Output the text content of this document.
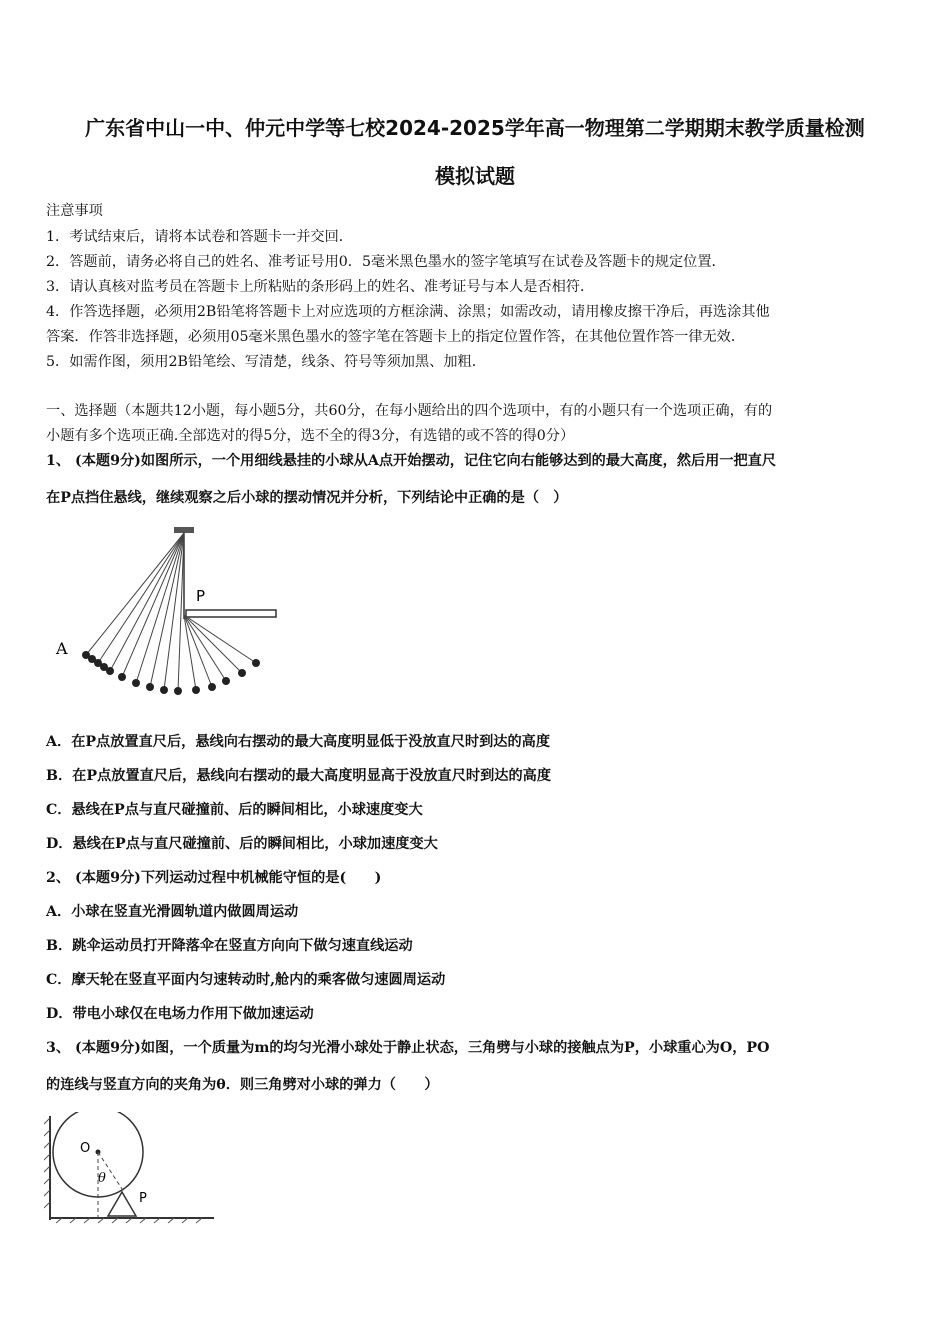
广东省中山一中、仲元中学等七校2024-2025学年高一物理第二学期期末教学质量检测
模拟试题
注意事项
1．考试结束后，请将本试卷和答题卡一并交回．
2．答题前，请务必将自己的姓名、准考证号用0．5毫米黑色墨水的签字笔填写在试卷及答题卡的规定位置．
3．请认真核对监考员在答题卡上所粘贴的条形码上的姓名、准考证号与本人是否相符．
4．作答选择题，必须用2B铅笔将答题卡上对应选项的方框涂满、涂黑；如需改动，请用橡皮擦干净后，再选涂其他
答案．作答非选择题，必须用05毫米黑色墨水的签字笔在答题卡上的指定位置作答，在其他位置作答一律无效．
5．如需作图，须用2B铅笔绘、写清楚，线条、符号等须加黑、加粗．
一、选择题（本题共12小题，每小题5分，共60分，在每小题给出的四个选项中，有的小题只有一个选项正确，有的
小题有多个选项正确.全部选对的得5分，选不全的得3分，有选错的或不答的得0分）
1、 (本题9分)如图所示，一个用细线悬挂的小球从A点开始摆动，记住它向右能够达到的最大高度，然后用一把直尺
在P点挡住悬线，继续观察之后小球的摆动情况并分析，下列结论中正确的是（　）
A
P
A．在P点放置直尺后，悬线向右摆动的最大高度明显低于没放直尺时到达的高度
B．在P点放置直尺后，悬线向右摆动的最大高度明显高于没放直尺时到达的高度
C．悬线在P点与直尺碰撞前、后的瞬间相比，小球速度变大
D．悬线在P点与直尺碰撞前、后的瞬间相比，小球加速度变大
2、 (本题9分)下列运动过程中机械能守恒的是(　　)
A．小球在竖直光滑圆轨道内做圆周运动
B．跳伞运动员打开降落伞在竖直方向向下做匀速直线运动
C．摩天轮在竖直平面内匀速转动时,舱内的乘客做匀速圆周运动
D．带电小球仅在电场力作用下做加速运动
3、 (本题9分)如图，一个质量为m的均匀光滑小球处于静止状态，三角劈与小球的接触点为P，小球重心为O，PO
的连线与竖直方向的夹角为θ．则三角劈对小球的弹力（　　）
O
θ
P
